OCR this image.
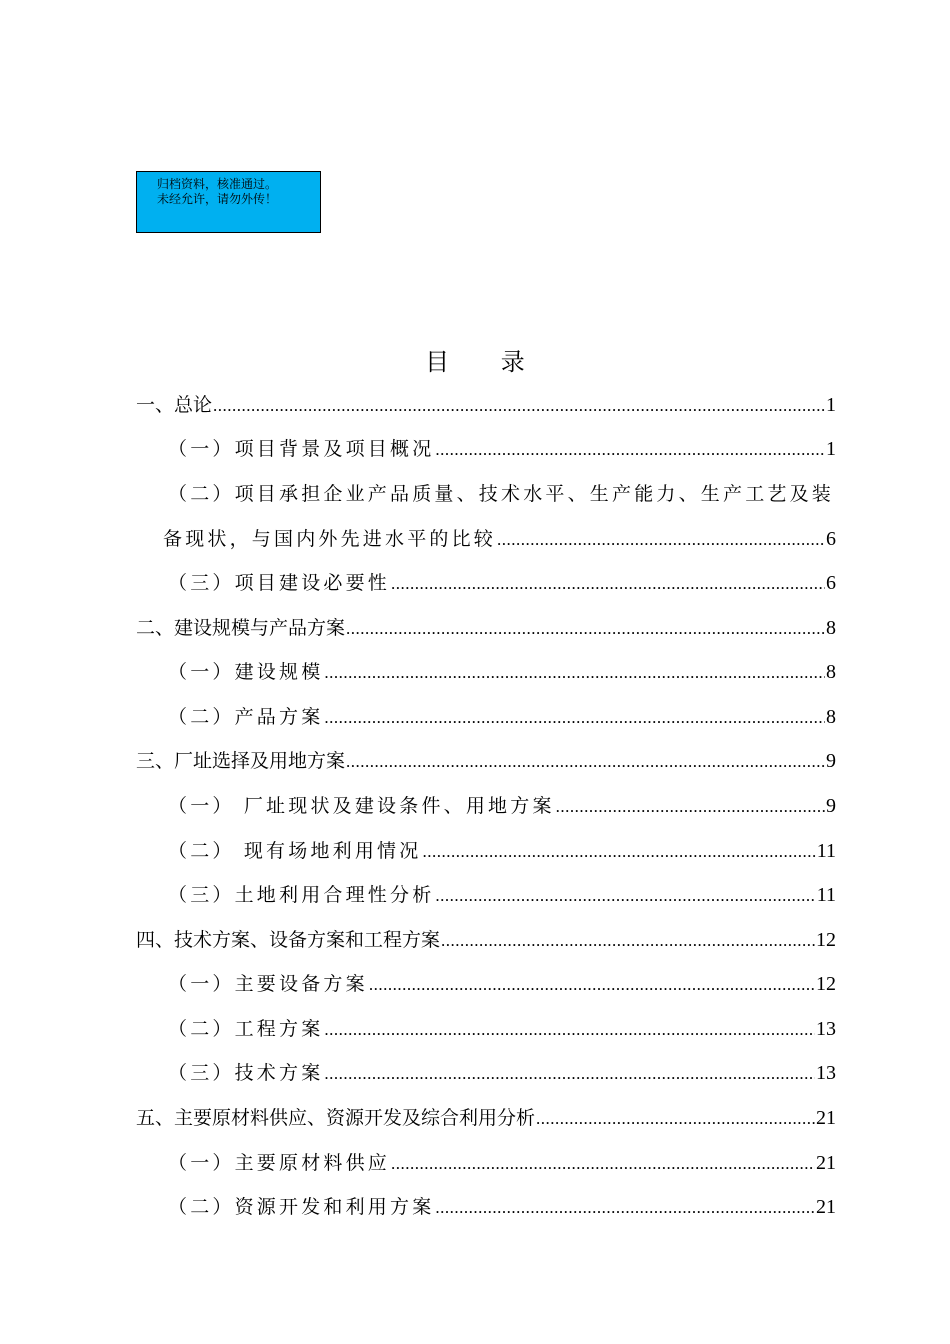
归档资料，核准通过。
未经允许，请勿外传！
目 录
一、总论 .....	1
（一）项目背景及项目概况 .....	1
（二）项目承担企业产品质量、技术水平、生产能力、生产工艺及装
备现状，与国内外先进水平的比较 .....	6
（三）项目建设必要性 .....	6
二、建设规模与产品方案 .....	8
（一）建设规模 .....	8
（二）产品方案 .....	8
三、厂址选择及用地方案 .....	9
（一） 厂址现状及建设条件、用地方案 .....	9
（二） 现有场地利用情况 .....	11
（三）土地利用合理性分析 .....	11
四、技术方案、设备方案和工程方案 .....	12
（一）主要设备方案 .....	12
（二）工程方案 .....	13
（三）技术方案 .....	13
五、主要原材料供应、资源开发及综合利用分析 .....	21
（一）主要原材料供应 .....	21
（二）资源开发和利用方案 .....	21
